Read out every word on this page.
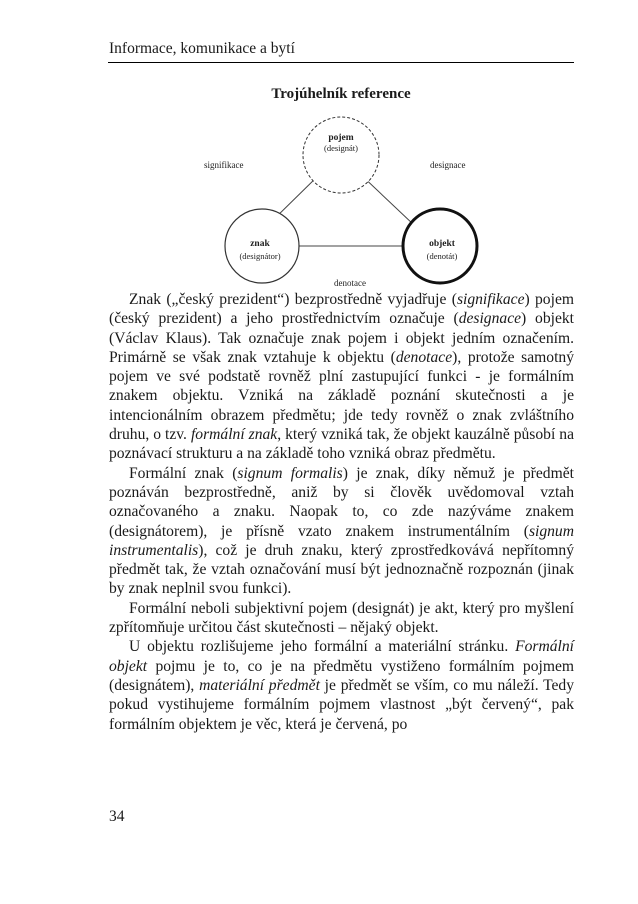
Informace, komunikace a bytí
Trojúhelník reference
pojem
(designát)
znak
(designátor)
objekt
(denotát)
signifikace	designace
denotace

Znak („český prezident“) bezprostředně vyjadřuje (signifikace) pojem (český prezident) a jeho prostřednictvím označuje (designace) objekt (Václav Klaus). Tak označuje znak pojem i objekt jedním označením. Primárně se však znak vztahuje k objektu (denotace), protože samotný pojem ve své podstatě rovněž plní zastupující funkci - je formálním znakem objektu. Vzniká na základě poznání skutečnosti a je intencionálním obrazem předmětu; jde tedy rovněž o znak zvláštního druhu, o tzv. formální znak, který vzniká tak, že objekt kauzálně působí na poznávací strukturu a na základě toho vzniká obraz předmětu.

Formální znak (signum formalis) je znak, díky němuž je předmět poznáván bezprostředně, aniž by si člověk uvědomoval vztah označovaného a znaku. Naopak to, co zde nazýváme znakem (designátorem), je přísně vzato znakem instrumentálním (signum instrumentalis), což je druh znaku, který zprostředkovává nepřítomný předmět tak, že vztah označování musí být jednoznačně rozpoznán (jinak by znak neplnil svou funkci).

Formální neboli subjektivní pojem (designát) je akt, který pro myšlení zpřítomňuje určitou část skutečnosti – nějaký objekt.

U objektu rozlišujeme jeho formální a materiální stránku. Formální objekt pojmu je to, co je na předmětu vystiženo formálním pojmem (designátem), materiální předmět je předmět se vším, co mu náleží. Tedy pokud vystihujeme formálním pojmem vlastnost „být červený“, pak formálním objektem je věc, která je červená, po

34
